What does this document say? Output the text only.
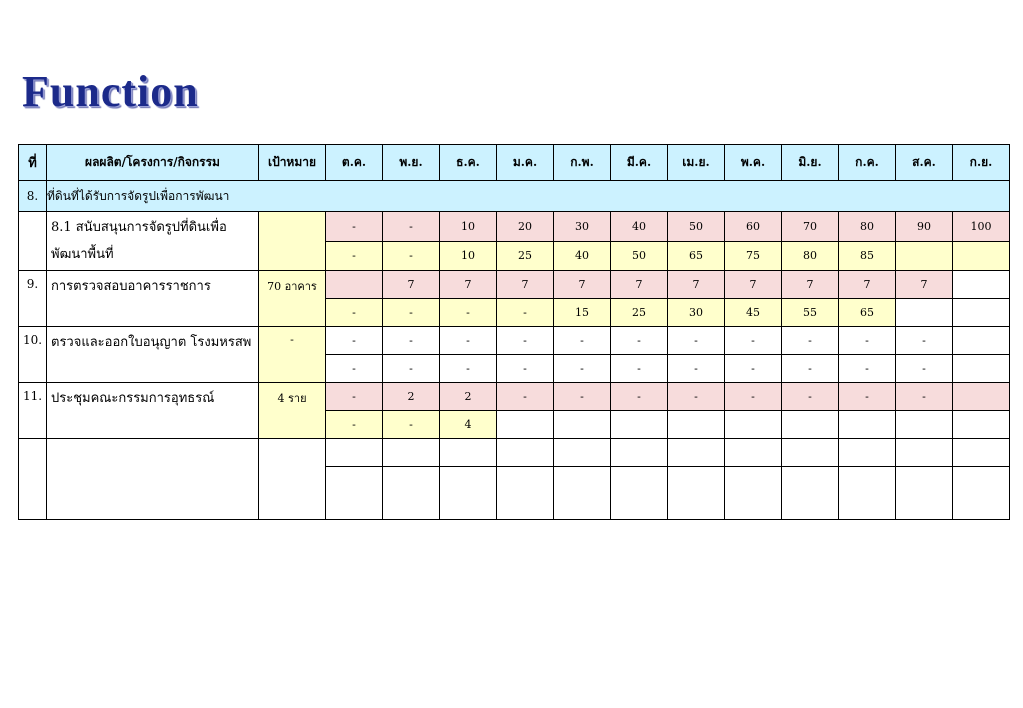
Function
ที่	ผลผลิต/โครงการ/กิจกรรม	เป้าหมาย	ต.ค.	พ.ย.	ธ.ค.	ม.ค.	ก.พ.	มี.ค.	เม.ย.	พ.ค.	มิ.ย.	ก.ค.	ส.ค.	ก.ย.
8.	ที่ดินที่ได้รับการจัดรูปเพื่อการพัฒนา													
	8.1 สนับสนุนการจัดรูปที่ดินเพื่อ พัฒนาพื้นที่		-	-	10	20	30	40	50	60	70	80	90	100
			-	-	10	25	40	50	65	75	80	85		
9.	การตรวจสอบอาคารราชการ	70 อาคาร		7	7	7	7	7	7	7	7	7	7	
			-	-	-	-	15	25	30	45	55	65		
10.	ตรวจและออกใบอนุญาต โรงมหรสพ	-	-	-	-	-	-	-	-	-	-	-	-	
			-	-	-	-	-	-	-	-	-	-	-	
11.	ประชุมคณะกรรมการอุทธรณ์	4 ราย	-	2	2	-	-	-	-	-	-	-	-	
			-	-	4									
